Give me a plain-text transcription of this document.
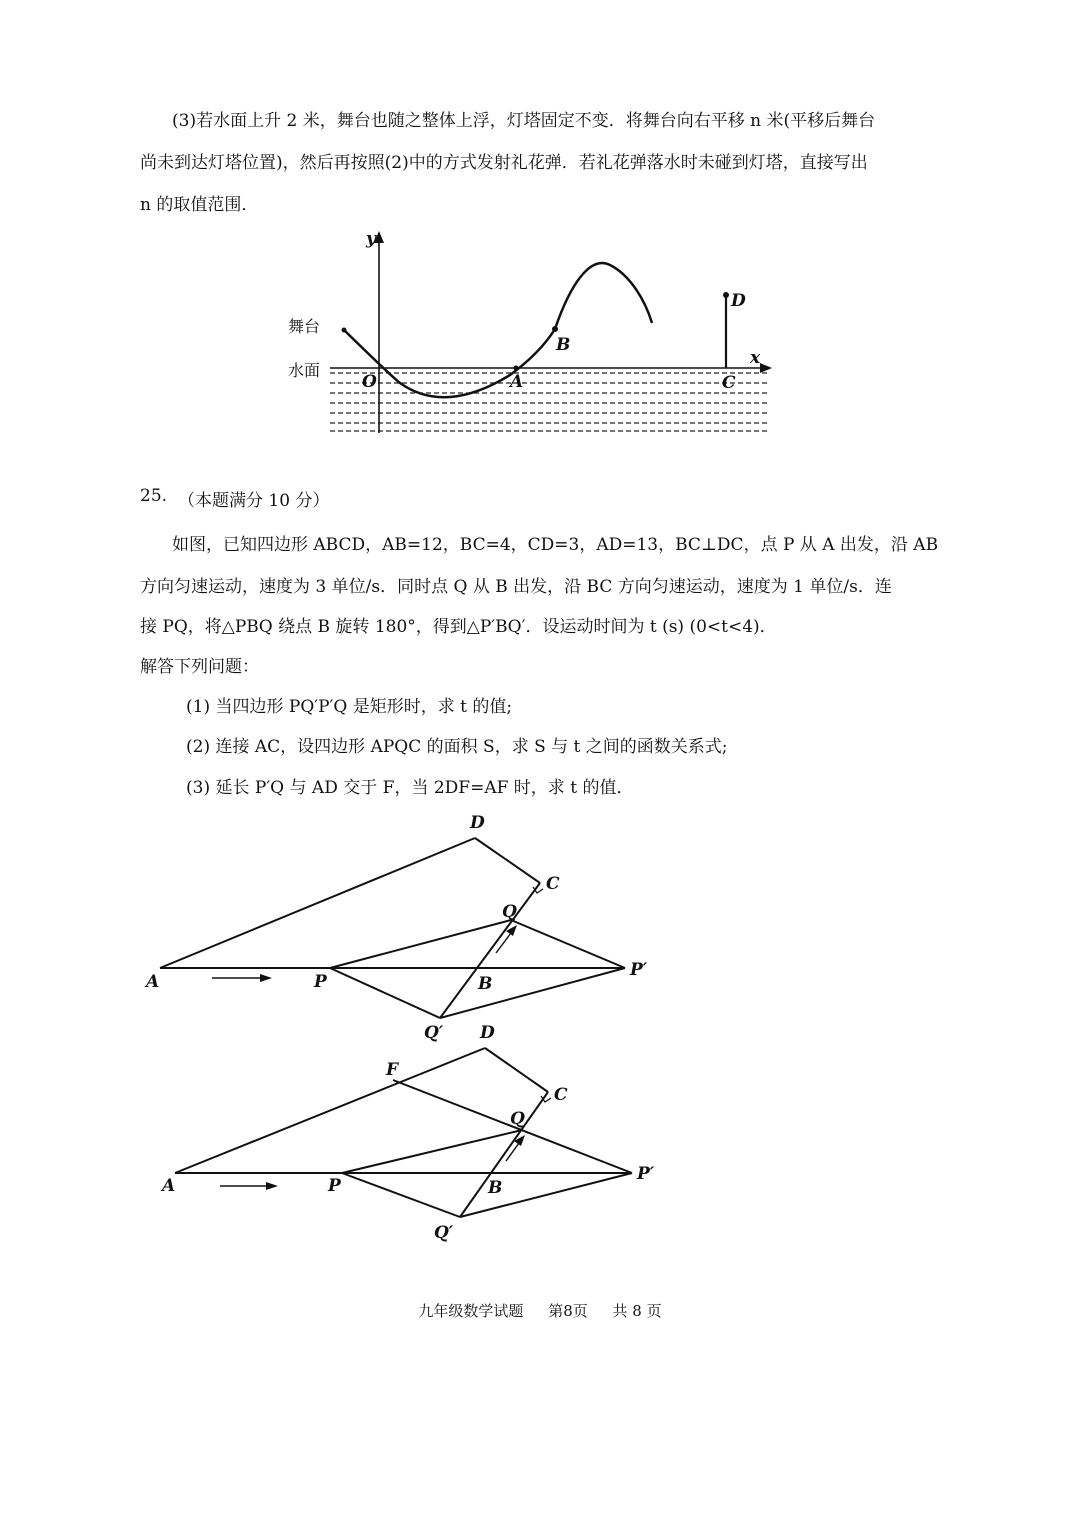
(3)若水面上升 2 米，舞台也随之整体上浮，灯塔固定不变．将舞台向右平移 n 米(平移后舞台
尚未到达灯塔位置)，然后再按照(2)中的方式发射礼花弹．若礼花弹落水时未碰到灯塔，直接写出
n 的取值范围．
y
x
舞台
水面
O	A
B
C
D
25. （本题满分 10 分）
如图，已知四边形 ABCD，AB=12，BC=4，CD=3，AD=13，BC⊥DC，点 P 从 A 出发，沿 AB
方向匀速运动，速度为 3 单位/s．同时点 Q 从 B 出发，沿 BC 方向匀速运动，速度为 1 单位/s．连
接 PQ，将△PBQ 绕点 B 旋转 180°，得到△P′BQ′．设运动时间为 t (s) (0<t<4)．
解答下列问题：
(1) 当四边形 PQ′P′Q 是矩形时，求 t 的值;
(2) 连接 AC，设四边形 APQC 的面积 S，求 S 与 t 之间的函数关系式;
(3) 延长 P′Q 与 AD 交于 F，当 2DF=AF 时，求 t 的值．
A	P	B
P′
Q
Q′
D
C
A	P	B
P′
Q
Q′
D
C
F
九年级数学试题 第8页 共 8 页
